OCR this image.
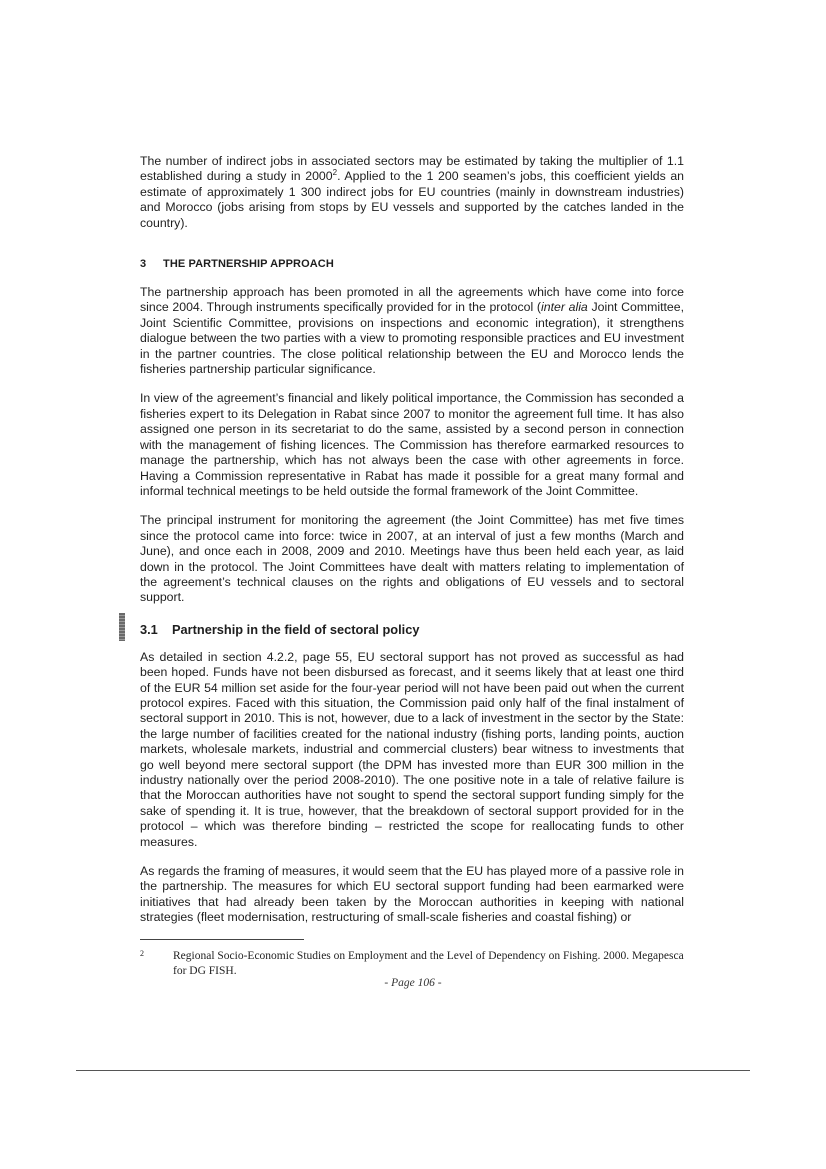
The number of indirect jobs in associated sectors may be estimated by taking the multiplier of 1.1 established during a study in 2000$^2$. Applied to the 1 200 seamen’s jobs, this coefficient yields an estimate of approximately 1 300 indirect jobs for EU countries (mainly in downstream industries) and Morocco (jobs arising from stops by EU vessels and supported by the catches landed in the country).

3	THE PARTNERSHIP APPROACH

The partnership approach has been promoted in all the agreements which have come into force since 2004. Through instruments specifically provided for in the protocol (inter alia Joint Committee, Joint Scientific Committee, provisions on inspections and economic integration), it strengthens dialogue between the two parties with a view to promoting responsible practices and EU investment in the partner countries. The close political relationship between the EU and Morocco lends the fisheries partnership particular significance.

In view of the agreement’s financial and likely political importance, the Commission has seconded a fisheries expert to its Delegation in Rabat since 2007 to monitor the agreement full time. It has also assigned one person in its secretariat to do the same, assisted by a second person in connection with the management of fishing licences. The Commission has therefore earmarked resources to manage the partnership, which has not always been the case with other agreements in force. Having a Commission representative in Rabat has made it possible for a great many formal and informal technical meetings to be held outside the formal framework of the Joint Committee.

The principal instrument for monitoring the agreement (the Joint Committee) has met five times since the protocol came into force: twice in 2007, at an interval of just a few months (March and June), and once each in 2008, 2009 and 2010. Meetings have thus been held each year, as laid down in the protocol. The Joint Committees have dealt with matters relating to implementation of the agreement’s technical clauses on the rights and obligations of EU vessels and to sectoral support.

3.1	Partnership in the field of sectoral policy

As detailed in section 4.2.2, page 55, EU sectoral support has not proved as successful as had been hoped. Funds have not been disbursed as forecast, and it seems likely that at least one third of the EUR 54 million set aside for the four-year period will not have been paid out when the current protocol expires. Faced with this situation, the Commission paid only half of the final instalment of sectoral support in 2010. This is not, however, due to a lack of investment in the sector by the State: the large number of facilities created for the national industry (fishing ports, landing points, auction markets, wholesale markets, industrial and commercial clusters) bear witness to investments that go well beyond mere sectoral support (the DPM has invested more than EUR 300 million in the industry nationally over the period 2008-2010). The one positive note in a tale of relative failure is that the Moroccan authorities have not sought to spend the sectoral support funding simply for the sake of spending it. It is true, however, that the breakdown of sectoral support provided for in the protocol – which was therefore binding – restricted the scope for reallocating funds to other measures.

As regards the framing of measures, it would seem that the EU has played more of a passive role in the partnership. The measures for which EU sectoral support funding had been earmarked were initiatives that had already been taken by the Moroccan authorities in keeping with national strategies (fleet modernisation, restructuring of small-scale fisheries and coastal fishing) or

2	Regional Socio-Economic Studies on Employment and the Level of Dependency on Fishing. 2000. Megapesca for DG FISH.
- Page 106 -
